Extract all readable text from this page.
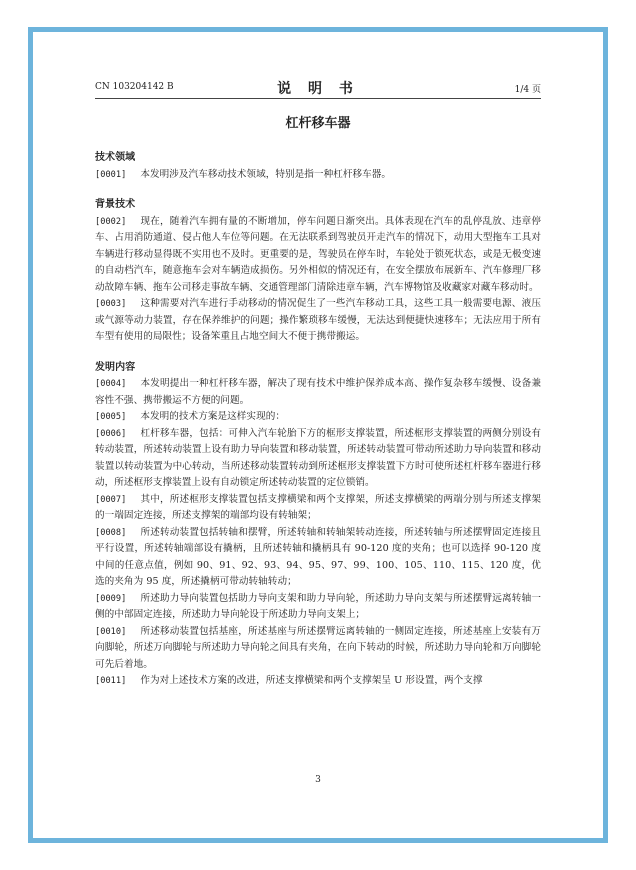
CN 103204142 B	说 明 书	1/4 页
杠杆移车器
技术领域
[0001] 本发明涉及汽车移动技术领域，特别是指一种杠杆移车器。
背景技术
[0002] 现在，随着汽车拥有量的不断增加，停车问题日渐突出。具体表现在汽车的乱停乱放、违章停车、占用消防通道、侵占他人车位等问题。在无法联系到驾驶员开走汽车的情况下，动用大型拖车工具对车辆进行移动显得既不实用也不及时。更重要的是，驾驶员在停车时，车轮处于锁死状态，或是无极变速的自动档汽车，随意拖车会对车辆造成损伤。另外相似的情况还有，在安全摆放布展新车、汽车修理厂移动故障车辆、拖车公司移走事故车辆、交通管理部门清除违章车辆，汽车博物馆及收藏家对藏车移动时。
[0003] 这种需要对汽车进行手动移动的情况促生了一些汽车移动工具，这些工具一般需要电源、液压或气源等动力装置，存在保养维护的问题；操作繁琐移车缓慢，无法达到便捷快速移车；无法应用于所有车型有使用的局限性；设备笨重且占地空间大不便于携带搬运。
发明内容
[0004] 本发明提出一种杠杆移车器，解决了现有技术中维护保养成本高、操作复杂移车缓慢、设备兼容性不强、携带搬运不方便的问题。
[0005] 本发明的技术方案是这样实现的：
[0006] 杠杆移车器，包括：可伸入汽车轮胎下方的框形支撑装置，所述框形支撑装置的两侧分别设有转动装置，所述转动装置上设有助力导向装置和移动装置，所述转动装置可带动所述助力导向装置和移动装置以转动装置为中心转动，当所述移动装置转动到所述框形支撑装置下方时可使所述杠杆移车器进行移动，所述框形支撑装置上设有自动锁定所述转动装置的定位锁销。
[0007] 其中，所述框形支撑装置包括支撑横梁和两个支撑架，所述支撑横梁的两端分别与所述支撑架的一端固定连接，所述支撑架的端部均设有转轴架；
[0008] 所述转动装置包括转轴和摆臂，所述转轴和转轴架转动连接，所述转轴与所述摆臂固定连接且平行设置，所述转轴端部设有撬柄，且所述转轴和撬柄具有 90-120 度的夹角；也可以选择 90-120 度中间的任意点值，例如 90、91、92、93、94、95、97、99、100、105、110、115、120 度，优选的夹角为 95 度，所述撬柄可带动转轴转动；
[0009] 所述助力导向装置包括助力导向支架和助力导向轮，所述助力导向支架与所述摆臂远离转轴一侧的中部固定连接，所述助力导向轮设于所述助力导向支架上；
[0010] 所述移动装置包括基座，所述基座与所述摆臂远离转轴的一侧固定连接，所述基座上安装有万向脚轮，所述万向脚轮与所述助力导向轮之间具有夹角，在向下转动的时候，所述助力导向轮和万向脚轮可先后着地。
[0011] 作为对上述技术方案的改进，所述支撑横梁和两个支撑架呈 U 形设置，两个支撑
3
